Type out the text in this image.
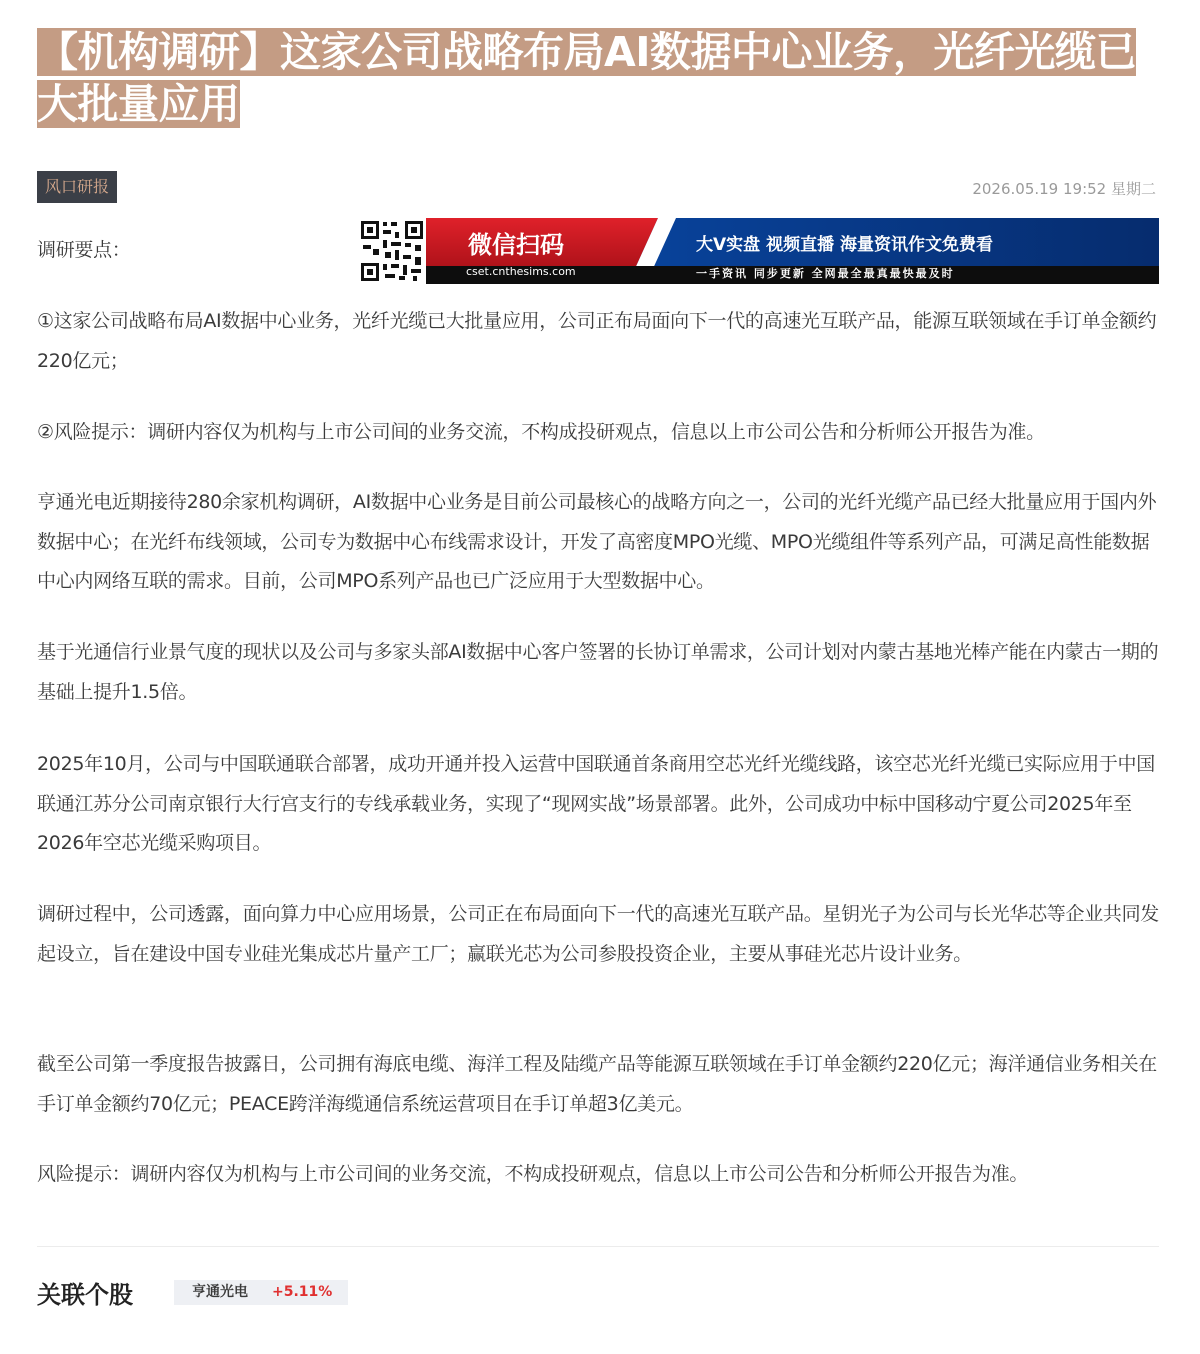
【机构调研】这家公司战略布局AI数据中心业务，光纤光缆已大批量应用
风口研报	2026.05.19 19:52 星期二

调研要点：	微信扫码
cset.cnthesims.com
大V实盘 视频直播 海量资讯作文免费看
一手资讯 同步更新 全网最全最真最快最及时

①这家公司战略布局AI数据中心业务，光纤光缆已大批量应用，公司正布局面向下一代的高速光互联产品，能源互联领域在手订单金额约220亿元；

②风险提示：调研内容仅为机构与上市公司间的业务交流，不构成投研观点，信息以上市公司公告和分析师公开报告为准。

亨通光电近期接待280余家机构调研，AI数据中心业务是目前公司最核心的战略方向之一，公司的光纤光缆产品已经大批量应用于国内外数据中心；在光纤布线领域，公司专为数据中心布线需求设计，开发了高密度MPO光缆、MPO光缆组件等系列产品，可满足高性能数据中心内网络互联的需求。目前，公司MPO系列产品也已广泛应用于大型数据中心。

基于光通信行业景气度的现状以及公司与多家头部AI数据中心客户签署的长协订单需求，公司计划对内蒙古基地光棒产能在内蒙古一期的基础上提升1.5倍。

2025年10月，公司与中国联通联合部署，成功开通并投入运营中国联通首条商用空芯光纤光缆线路，该空芯光纤光缆已实际应用于中国联通江苏分公司南京银行大行宫支行的专线承载业务，实现了“现网实战”场景部署。此外，公司成功中标中国移动宁夏公司2025年至2026年空芯光缆采购项目。

调研过程中，公司透露，面向算力中心应用场景，公司正在布局面向下一代的高速光互联产品。星钥光子为公司与长光华芯等企业共同发起设立，旨在建设中国专业硅光集成芯片量产工厂；赢联光芯为公司参股投资企业，主要从事硅光芯片设计业务。

截至公司第一季度报告披露日，公司拥有海底电缆、海洋工程及陆缆产品等能源互联领域在手订单金额约220亿元；海洋通信业务相关在手订单金额约70亿元；PEACE跨洋海缆通信系统运营项目在手订单超3亿美元。

风险提示：调研内容仅为机构与上市公司间的业务交流，不构成投研观点，信息以上市公司公告和分析师公开报告为准。

关联个股	亨通光电 +5.11%
